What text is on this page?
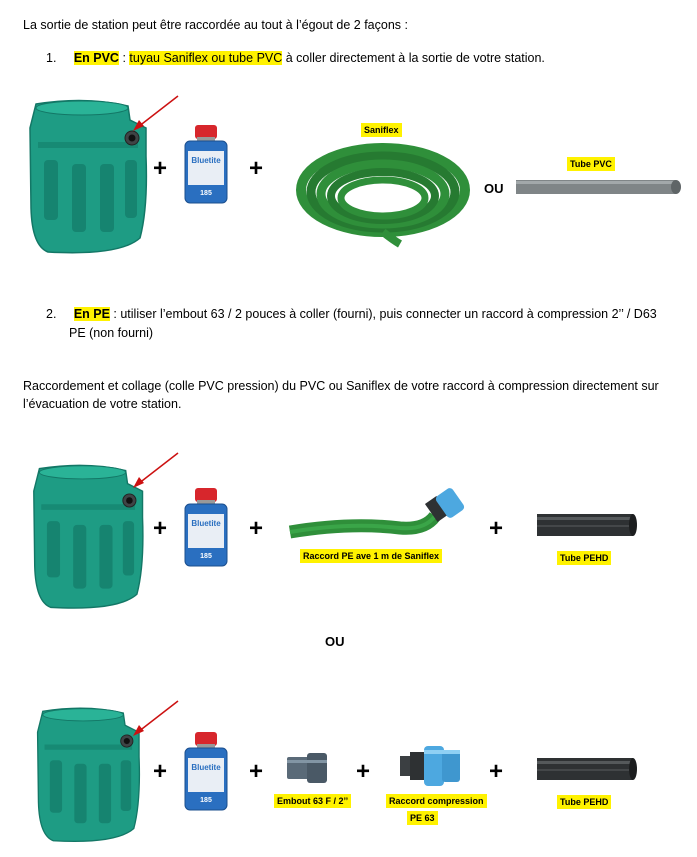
La sortie de station peut être raccordée au tout à l’égout de 2 façons :
1. En PVC : tuyau Saniflex ou tube PVC à coller directement à la sortie de votre station.
+	Bluetite
185
+
Saniflex
OU
Tube PVC
2. En PE : utiliser l’embout 63 / 2 pouces à coller (fourni), puis connecter un raccord à compression 2’’ / D63
PE (non fourni)
Raccordement et collage (colle PVC pression) du PVC ou Saniflex de votre raccord à compression directement sur
l’évacuation de votre station.
+	Bluetite
185
+
Raccord PE ave 1 m de Saniflex
+
Tube PEHD
OU
+	Bluetite
185
+
Embout 63 F / 2’’
+
Raccord compression
PE 63
+
Tube PEHD
